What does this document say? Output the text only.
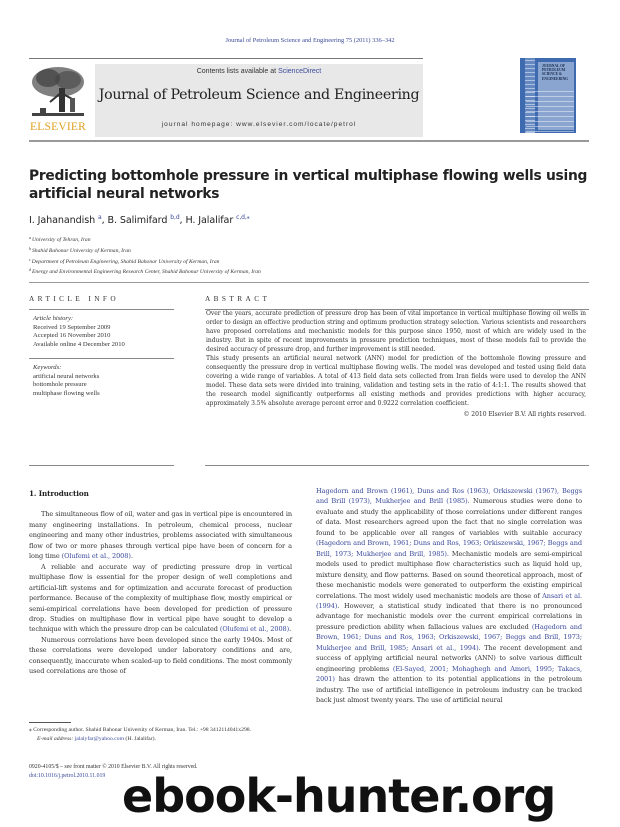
Journal of Petroleum Science and Engineering 75 (2011) 336–342
ELSEVIER
Contents lists available at ScienceDirect
Journal of Petroleum Science and Engineering
journal homepage: www.elsevier.com/locate/petrol
JOURNAL OF PETROLEUM SCIENCE & ENGINEERING
Predicting bottomhole pressure in vertical multiphase flowing wells using artificial neural networks
I. Jahanandish $^a$, B. Salimifard $^{b,d}$, H. Jalalifar $^{c,d,⁎}$
$^a$University of Tehran, Iran
$^b$Shahid Bahonar University of Kerman, Iran
$^c$Department of Petroleum Engineering, Shahid Bahonar University of Kerman, Iran
$^d$Energy and Environmental Engineering Research Center, Shahid Bahonar University of Kerman, Iran
ARTICLE INFO	ABSTRACT
Article history:
Received 19 September 2009
Accepted 16 November 2010
Available online 4 December 2010
Keywords:
artificial neural networks
bottomhole pressure
multiphase flowing wells

Over the years, accurate prediction of pressure drop has been of vital importance in vertical multiphase flowing oil wells in order to design an effective production string and optimum production strategy selection. Various scientists and researchers have proposed correlations and mechanistic models for this purpose since 1950, most of which are widely used in the industry. But in spite of recent improvements in pressure prediction techniques, most of these models fail to provide the desired accuracy of pressure drop, and further improvement is still needed.

This study presents an artificial neural network (ANN) model for prediction of the bottomhole flowing pressure and consequently the pressure drop in vertical multiphase flowing wells. The model was developed and tested using field data covering a wide range of variables. A total of 413 field data sets collected from Iran fields were used to develop the ANN model. These data sets were divided into training, validation and testing sets in the ratio of 4:1:1. The results showed that the research model significantly outperforms all existing methods and provides predictions with higher accuracy, approximately 3.5% absolute average percent error and 0.9222 correlation coefficient.

© 2010 Elsevier B.V. All rights reserved.

1. Introduction

The simultaneous flow of oil, water and gas in vertical pipe is encountered in many engineering installations. In petroleum, chemical process, nuclear engineering and many other industries, problems associated with simultaneous flow of two or more phases through vertical pipe have been of concern for a long time (Olufemi et al., 2008).

A reliable and accurate way of predicting pressure drop in vertical multiphase flow is essential for the proper design of well completions and artificial-lift systems and for optimization and accurate forecast of production performance. Because of the complexity of multiphase flow, mostly empirical or semi-empirical correlations have been developed for prediction of pressure drop. Studies on multiphase flow in vertical pipe have sought to develop a technique with which the pressure drop can be calculated (Olufemi et al., 2008).

Numerous correlations have been developed since the early 1940s. Most of these correlations were developed under laboratory conditions and are, consequently, inaccurate when scaled-up to field conditions. The most commonly used correlations are those of

Hagedorn and Brown (1961), Duns and Ros (1963), Orkiszewski (1967), Beggs and Brill (1973), Mukherjee and Brill (1985). Numerous studies were done to evaluate and study the applicability of those correlations under different ranges of data. Most researchers agreed upon the fact that no single correlation was found to be applicable over all ranges of variables with suitable accuracy (Hagedorn and Brown, 1961; Duns and Ros, 1963; Orkiszewski, 1967; Beggs and Brill, 1973; Mukherjee and Brill, 1985). Mechanistic models are semi-empirical models used to predict multiphase flow characteristics such as liquid hold up, mixture density, and flow patterns. Based on sound theoretical approach, most of these mechanistic models were generated to outperform the existing empirical correlations. The most widely used mechanistic models are those of Ansari et al. (1994). However, a statistical study indicated that there is no pronounced advantage for mechanistic models over the current empirical correlations in pressure prediction ability when fallacious values are excluded (Hagedorn and Brown, 1961; Duns and Ros, 1963; Orkiszewski, 1967; Beggs and Brill, 1973; Mukherjee and Brill, 1985; Ansari et al., 1994). The recent development and success of applying artificial neural networks (ANN) to solve various difficult engineering problems (El-Sayed, 2001; Mohaghegh and Ameri, 1995; Takacs, 2001) has drawn the attention to its potential applications in the petroleum industry. The use of artificial intelligence in petroleum industry can be tracked back just almost twenty years. The use of artificial neural

⁎ Corresponding author. Shahid Bahonar University of Kerman, Iran. Tel.: +98 3412114041x298.
E-mail address: jalalyfar@yahoo.com (H. Jalalifar).
0920-4105/$ – see front matter © 2010 Elsevier B.V. All rights reserved.
doi:10.1016/j.petrol.2010.11.019 ebook-hunter.org
